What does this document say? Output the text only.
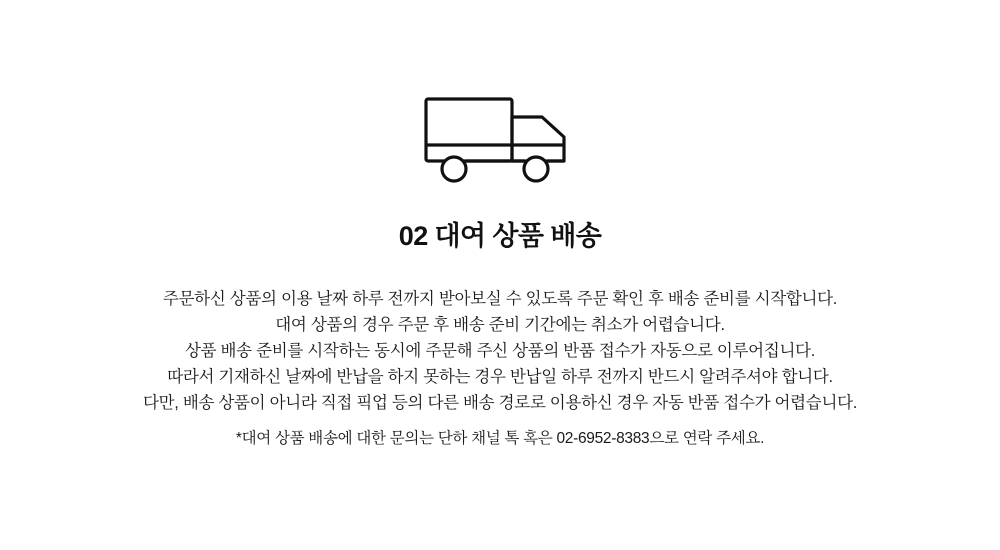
02 대여 상품 배송
주문하신 상품의 이용 날짜 하루 전까지 받아보실 수 있도록 주문 확인 후 배송 준비를 시작합니다.
대여 상품의 경우 주문 후 배송 준비 기간에는 취소가 어렵습니다.
상품 배송 준비를 시작하는 동시에 주문해 주신 상품의 반품 접수가 자동으로 이루어집니다.
따라서 기재하신 날짜에 반납을 하지 못하는 경우 반납일 하루 전까지 반드시 알려주셔야 합니다.
다만, 배송 상품이 아니라 직접 픽업 등의 다른 배송 경로로 이용하신 경우 자동 반품 접수가 어렵습니다.
*대여 상품 배송에 대한 문의는 단하 채널 톡 혹은 02-6952-8383으로 연락 주세요.
